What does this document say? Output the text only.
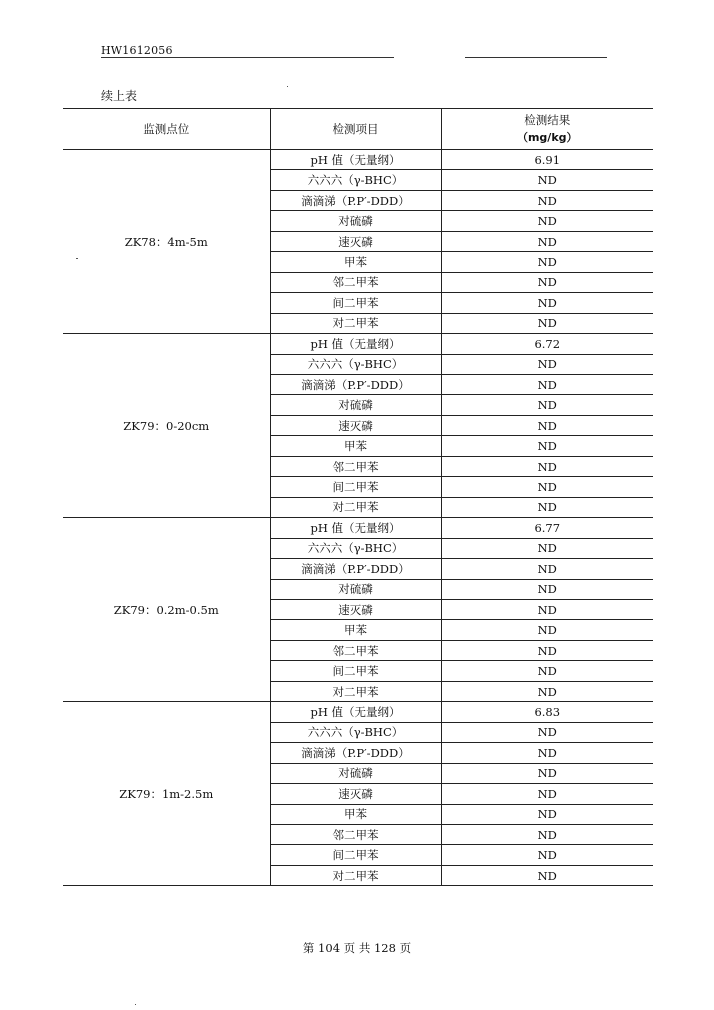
HW1612056
续上表
监测点位	检测项目	检测结果
（mg/kg）

ZK78：4m-5m	pH 值（无量纲）	6.91
	六六六（γ-BHC）	ND
	滴滴涕（P.P′-DDD）	ND
	对硫磷	ND
	速灭磷	ND
	甲苯	ND
	邻二甲苯	ND
	间二甲苯	ND
	对二甲苯	ND
ZK79：0-20cm	pH 值（无量纲）	6.72
	六六六（γ-BHC）	ND
	滴滴涕（P.P′-DDD）	ND
	对硫磷	ND
	速灭磷	ND
	甲苯	ND
	邻二甲苯	ND
	间二甲苯	ND
	对二甲苯	ND
ZK79：0.2m-0.5m	pH 值（无量纲）	6.77
	六六六（γ-BHC）	ND
	滴滴涕（P.P′-DDD）	ND
	对硫磷	ND
	速灭磷	ND
	甲苯	ND
	邻二甲苯	ND
	间二甲苯	ND
	对二甲苯	ND
ZK79：1m-2.5m	pH 值（无量纲）	6.83
	六六六（γ-BHC）	ND
	滴滴涕（P.P′-DDD）	ND
	对硫磷	ND
	速灭磷	ND
	甲苯	ND
	邻二甲苯	ND
	间二甲苯	ND
	对二甲苯	ND
第 104 页 共 128 页
